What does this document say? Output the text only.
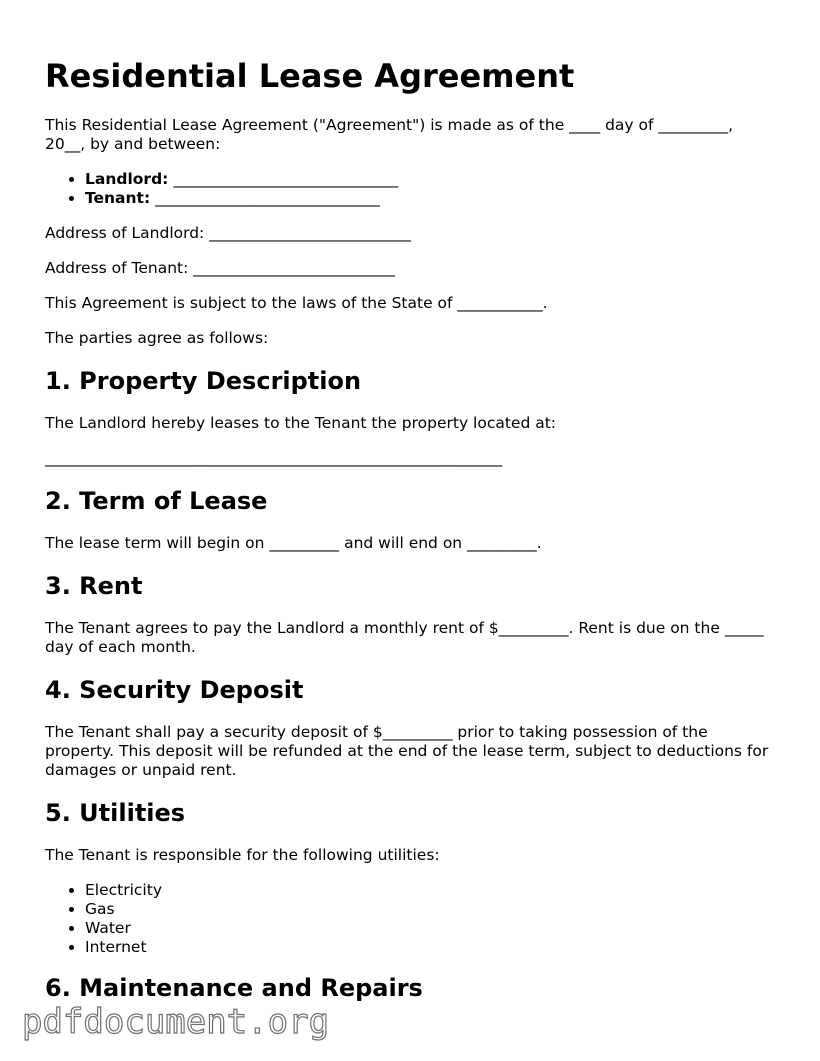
Residential Lease Agreement

This Residential Lease Agreement ("Agreement") is made as of the ____ day of _________, 20__, by and between:

• Landlord: _____________________________
• Tenant: _____________________________

Address of Landlord: __________________________

Address of Tenant: __________________________

This Agreement is subject to the laws of the State of ___________.

The parties agree as follows:

1. Property Description

The Landlord hereby leases to the Tenant the property located at:

___________________________________________________________

2. Term of Lease

The lease term will begin on _________ and will end on _________.

3. Rent

The Tenant agrees to pay the Landlord a monthly rent of $_________. Rent is due on the _____ day of each month.

4. Security Deposit

The Tenant shall pay a security deposit of $_________ prior to taking possession of the property. This deposit will be refunded at the end of the lease term, subject to deductions for damages or unpaid rent.

5. Utilities

The Tenant is responsible for the following utilities:

• Electricity
• Gas
• Water
• Internet
6. Maintenance and Repairs
pdfdocument.org
